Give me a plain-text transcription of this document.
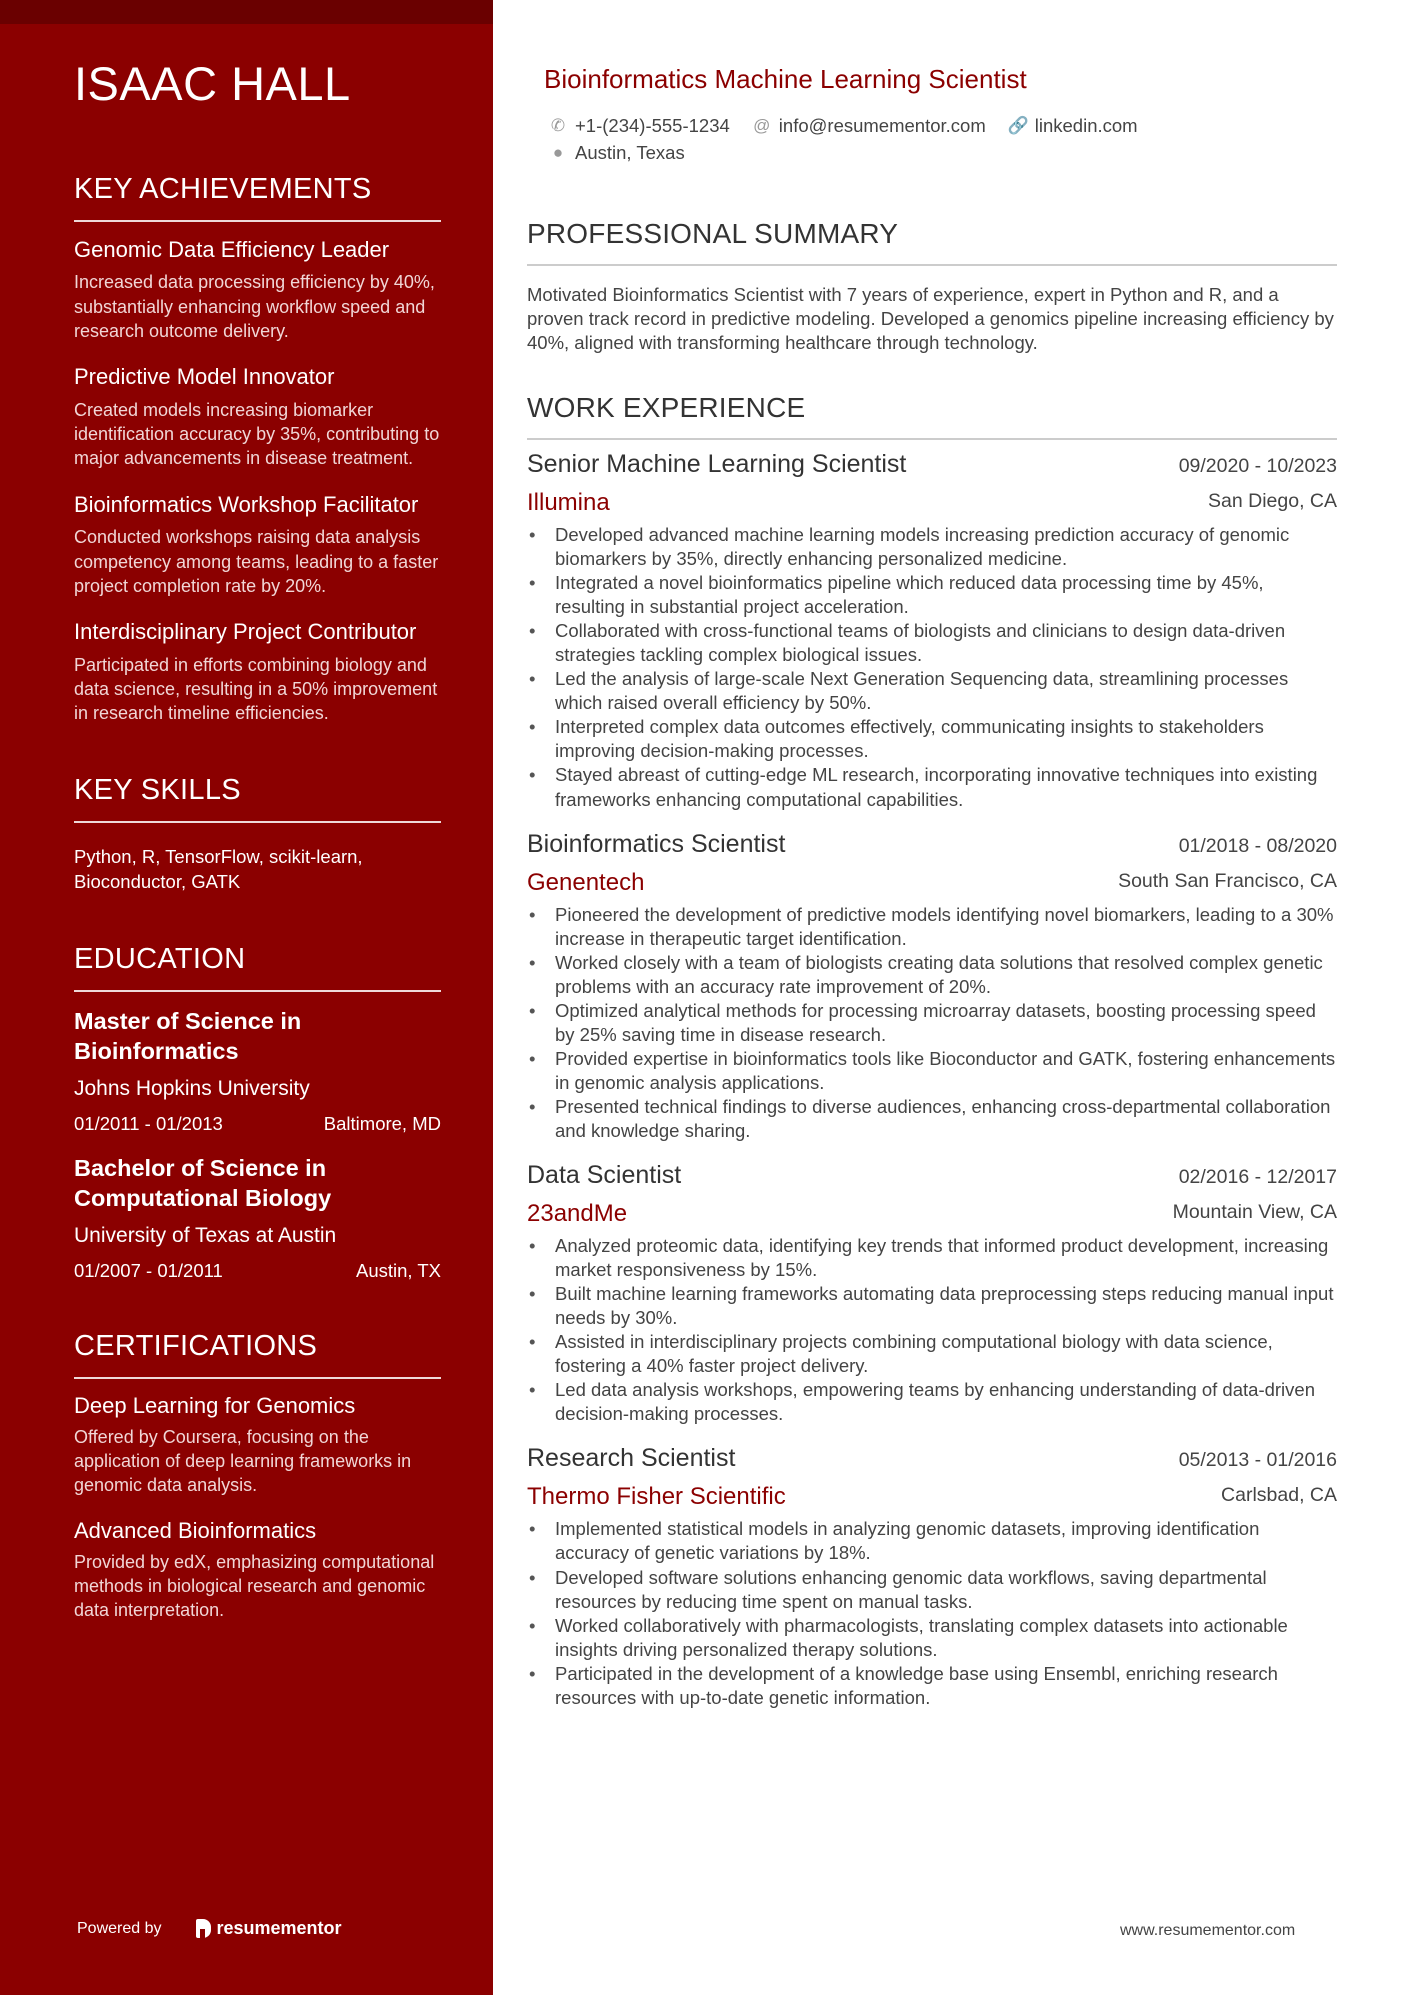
ISAAC HALL
KEY ACHIEVEMENTS
Genomic Data Efficiency Leader
Increased data processing efficiency by 40%, substantially enhancing workflow speed and research outcome delivery.
Predictive Model Innovator
Created models increasing biomarker identification accuracy by 35%, contributing to major advancements in disease treatment.
Bioinformatics Workshop Facilitator
Conducted workshops raising data analysis competency among teams, leading to a faster project completion rate by 20%.
Interdisciplinary Project Contributor
Participated in efforts combining biology and data science, resulting in a 50% improvement in research timeline efficiencies.
KEY SKILLS
Python, R, TensorFlow, scikit-learn, Bioconductor, GATK
EDUCATION
Master of Science in Bioinformatics
Johns Hopkins University
01/2011 - 01/2013	Baltimore, MD
Bachelor of Science in Computational Biology
University of Texas at Austin
01/2007 - 01/2011	Austin, TX
CERTIFICATIONS
Deep Learning for Genomics
Offered by Coursera, focusing on the application of deep learning frameworks in genomic data analysis.
Advanced Bioinformatics
Provided by edX, emphasizing computational methods in biological research and genomic data interpretation.
Powered by	resumementor
Bioinformatics Machine Learning Scientist
✆ +1-(234)-555-1234 @ info@resumementor.com 🔗 linkedin.com
● Austin, Texas
PROFESSIONAL SUMMARY
Motivated Bioinformatics Scientist with 7 years of experience, expert in Python and R, and a proven track record in predictive modeling. Developed a genomics pipeline increasing efficiency by 40%, aligned with transforming healthcare through technology.
WORK EXPERIENCE
Senior Machine Learning Scientist	09/2020 - 10/2023
Illumina	San Diego, CA
• Developed advanced machine learning models increasing prediction accuracy of genomic biomarkers by 35%, directly enhancing personalized medicine.
• Integrated a novel bioinformatics pipeline which reduced data processing time by 45%, resulting in substantial project acceleration.
• Collaborated with cross-functional teams of biologists and clinicians to design data-driven strategies tackling complex biological issues.
• Led the analysis of large-scale Next Generation Sequencing data, streamlining processes which raised overall efficiency by 50%.
• Interpreted complex data outcomes effectively, communicating insights to stakeholders improving decision-making processes.
• Stayed abreast of cutting-edge ML research, incorporating innovative techniques into existing frameworks enhancing computational capabilities.
Bioinformatics Scientist	01/2018 - 08/2020
Genentech	South San Francisco, CA
• Pioneered the development of predictive models identifying novel biomarkers, leading to a 30% increase in therapeutic target identification.
• Worked closely with a team of biologists creating data solutions that resolved complex genetic problems with an accuracy rate improvement of 20%.
• Optimized analytical methods for processing microarray datasets, boosting processing speed by 25% saving time in disease research.
• Provided expertise in bioinformatics tools like Bioconductor and GATK, fostering enhancements in genomic analysis applications.
• Presented technical findings to diverse audiences, enhancing cross-departmental collaboration and knowledge sharing.
Data Scientist	02/2016 - 12/2017
23andMe	Mountain View, CA
• Analyzed proteomic data, identifying key trends that informed product development, increasing market responsiveness by 15%.
• Built machine learning frameworks automating data preprocessing steps reducing manual input needs by 30%.
• Assisted in interdisciplinary projects combining computational biology with data science, fostering a 40% faster project delivery.
• Led data analysis workshops, empowering teams by enhancing understanding of data-driven decision-making processes.
Research Scientist	05/2013 - 01/2016
Thermo Fisher Scientific	Carlsbad, CA
• Implemented statistical models in analyzing genomic datasets, improving identification accuracy of genetic variations by 18%.
• Developed software solutions enhancing genomic data workflows, saving departmental resources by reducing time spent on manual tasks.
• Worked collaboratively with pharmacologists, translating complex datasets into actionable insights driving personalized therapy solutions.
• Participated in the development of a knowledge base using Ensembl, enriching research resources with up-to-date genetic information.
www.resumementor.com
